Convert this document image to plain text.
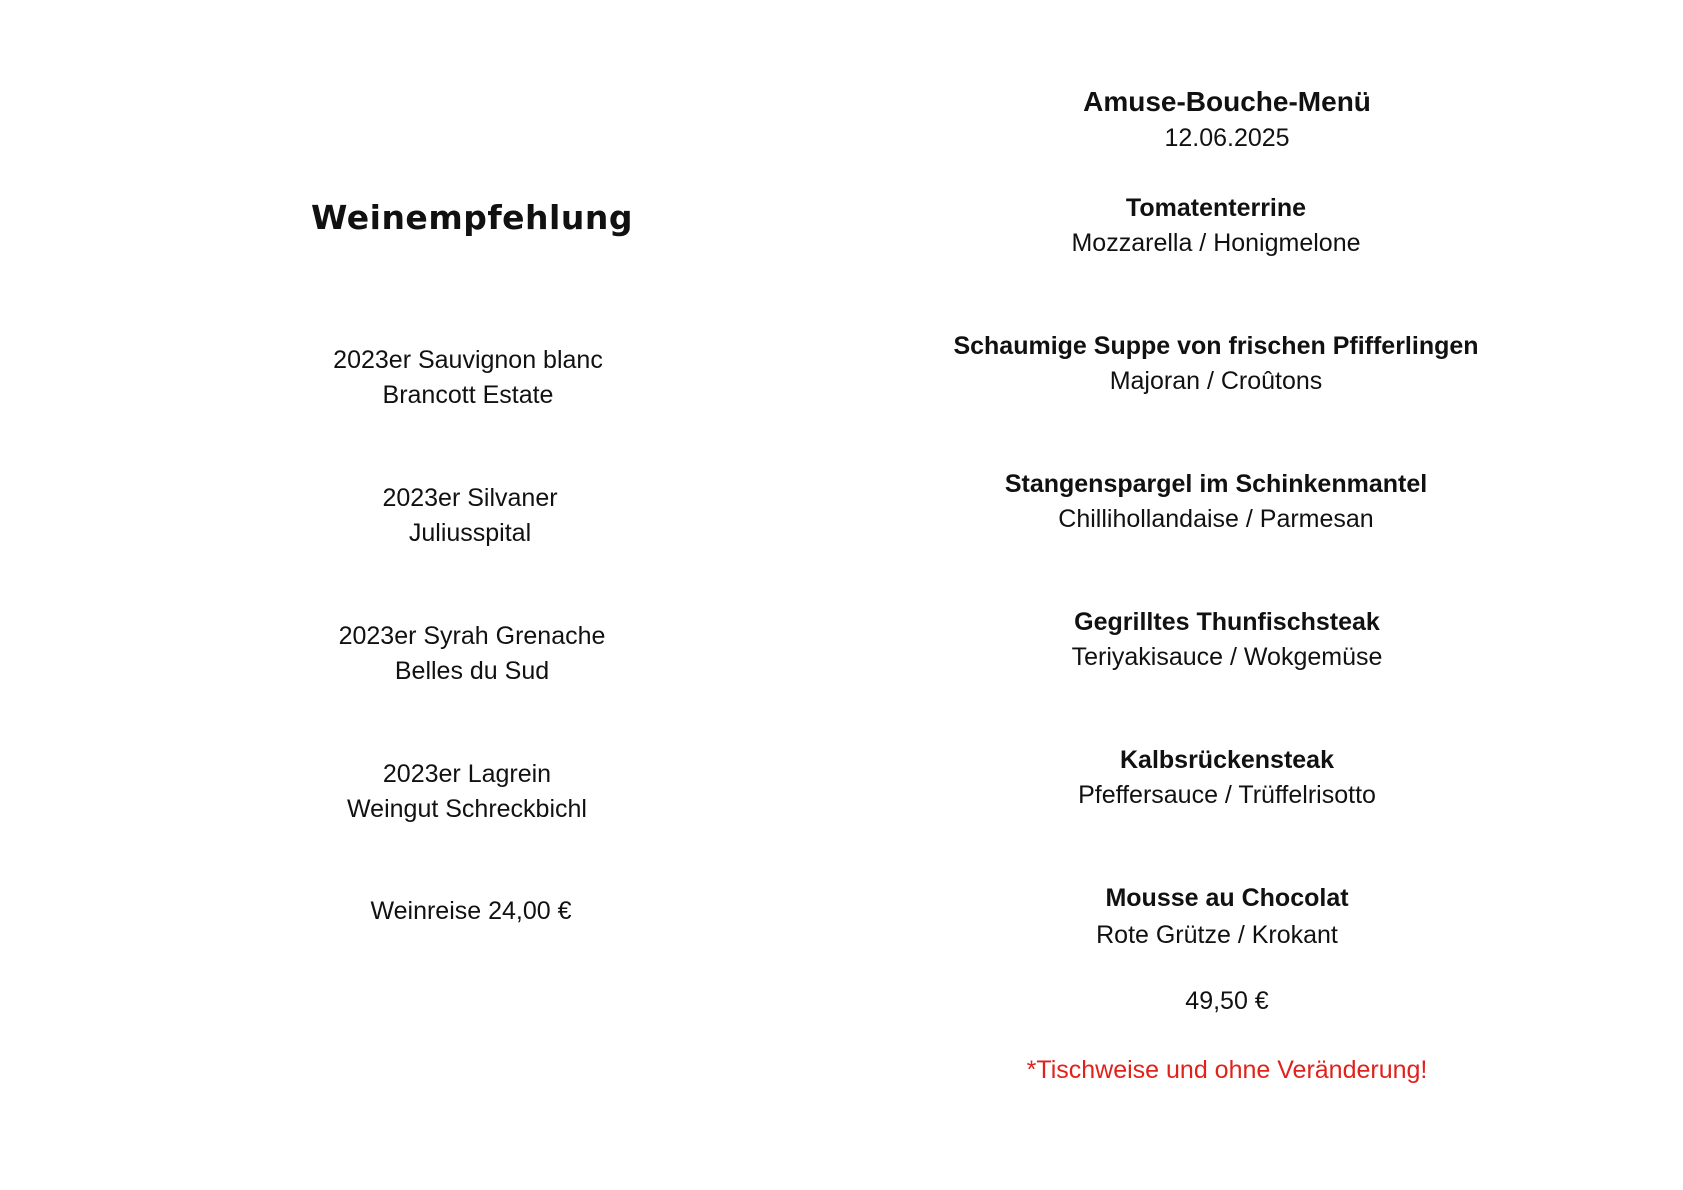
Weinempfehlung
2023er Sauvignon blanc
Brancott Estate
2023er Silvaner
Juliusspital
2023er Syrah Grenache
Belles du Sud
2023er Lagrein
Weingut Schreckbichl
Weinreise 24,00 €
Amuse-Bouche-Menü
12.06.2025
Tomatenterrine
Mozzarella / Honigmelone
Schaumige Suppe von frischen Pfifferlingen
Majoran / Croûtons
Stangenspargel im Schinkenmantel
Chillihollandaise / Parmesan
Gegrilltes Thunfischsteak
Teriyakisauce / Wokgemüse
Kalbsrückensteak
Pfeffersauce / Trüffelrisotto
Mousse au Chocolat
Rote Grütze / Krokant
49,50 €
*Tischweise und ohne Veränderung!
